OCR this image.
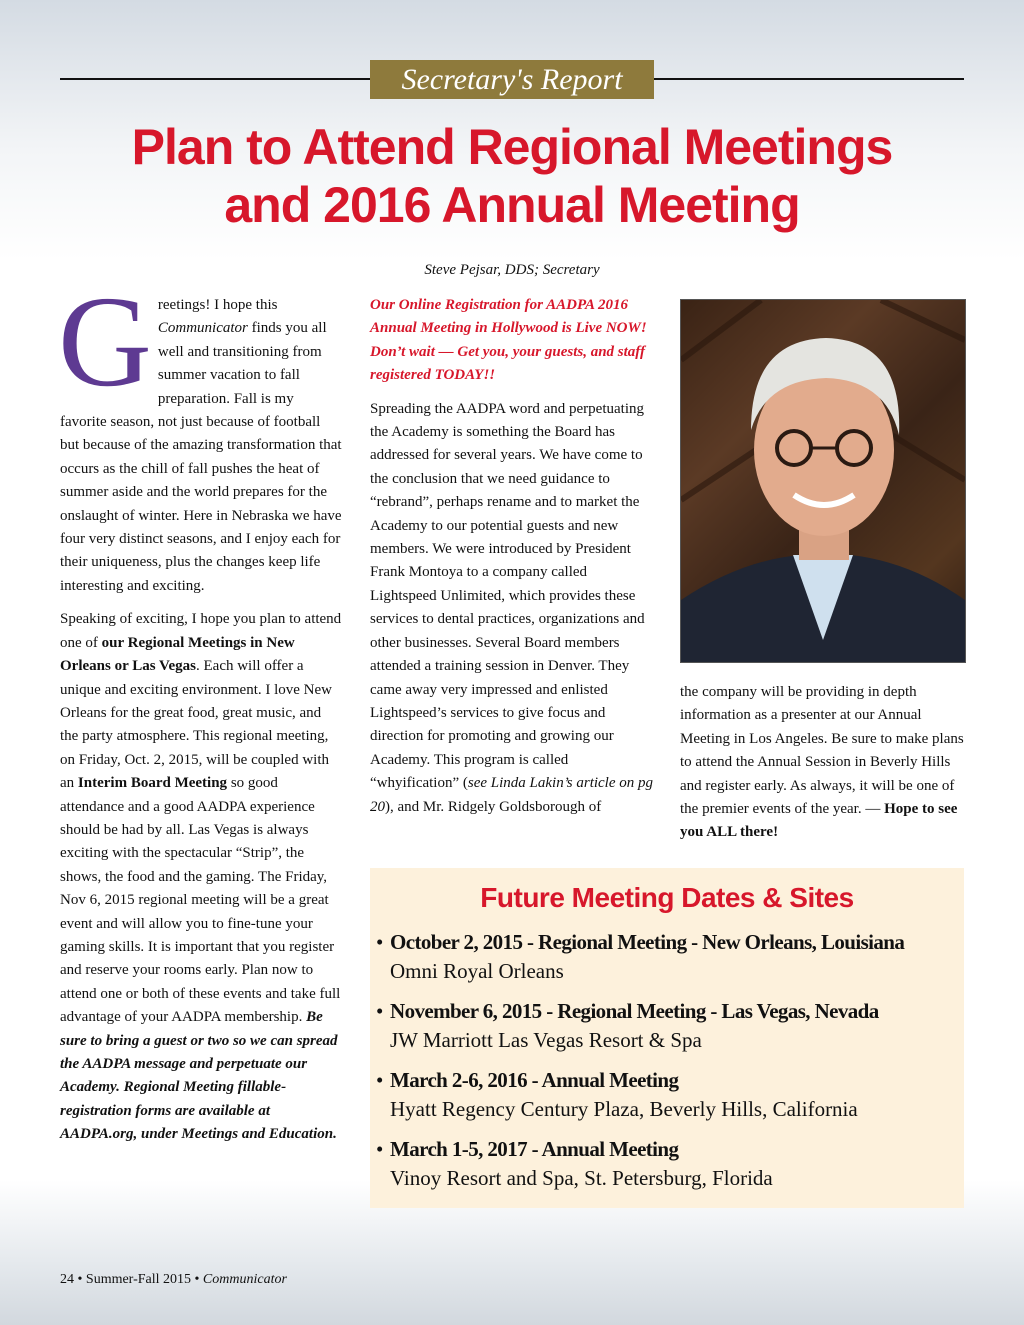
Secretary's Report
Plan to Attend Regional Meetings
and 2016 Annual Meeting
Steve Pejsar, DDS; Secretary

Greetings! I hope this Communicator finds you all well and transitioning from summer vacation to fall preparation. Fall is my favorite season, not just because of football but because of the amazing transformation that occurs as the chill of fall pushes the heat of summer aside and the world prepares for the onslaught of winter. Here in Nebraska we have four very distinct seasons, and I enjoy each for their uniqueness, plus the changes keep life interesting and exciting.

Speaking of exciting, I hope you plan to attend one of our Regional Meetings in New Orleans or Las Vegas. Each will offer a unique and exciting environment. I love New Orleans for the great food, great music, and the party atmosphere. This regional meeting, on Friday, Oct. 2, 2015, will be coupled with an Interim Board Meeting so good attendance and a good AADPA experience should be had by all. Las Vegas is always exciting with the spectacular “Strip”, the shows, the food and the gaming. The Friday, Nov 6, 2015 regional meeting will be a great event and will allow you to fine-tune your gaming skills. It is important that you register and reserve your rooms early. Plan now to attend one or both of these events and take full advantage of your AADPA membership. Be sure to bring a guest or two so we can spread the AADPA message and perpetuate our Academy. Regional Meeting fillable-registration forms are available at AADPA.org, under Meetings and Education.

Our Online Registration for AADPA 2016 Annual Meeting in Hollywood is Live NOW! Don’t wait — Get you, your guests, and staff registered TODAY!!

Spreading the AADPA word and perpetuating the Academy is something the Board has addressed for several years. We have come to the conclusion that we need guidance to “rebrand”, perhaps rename and to market the Academy to our potential guests and new members. We were introduced by President Frank Montoya to a company called Lightspeed Unlimited, which provides these services to dental practices, organizations and other businesses. Several Board members attended a training session in Denver. They came away very impressed and enlisted Lightspeed’s services to give focus and direction for promoting and growing our Academy. This program is called “whyification” (see Linda Lakin’s article on pg 20), and Mr. Ridgely Goldsborough of

the company will be providing in depth information as a presenter at our Annual Meeting in Los Angeles. Be sure to make plans to attend the Annual Session in Beverly Hills and register early. As always, it will be one of the premier events of the year. — Hope to see you ALL there!

Future Meeting Dates & Sites
• October 2, 2015 - Regional Meeting - New Orleans, Louisiana
Omni Royal Orleans
• November 6, 2015 - Regional Meeting - Las Vegas, Nevada
JW Marriott Las Vegas Resort & Spa
• March 2-6, 2016 - Annual Meeting
Hyatt Regency Century Plaza, Beverly Hills, California
• March 1-5, 2017 - Annual Meeting
Vinoy Resort and Spa, St. Petersburg, Florida
24 • Summer-Fall 2015 • Communicator
